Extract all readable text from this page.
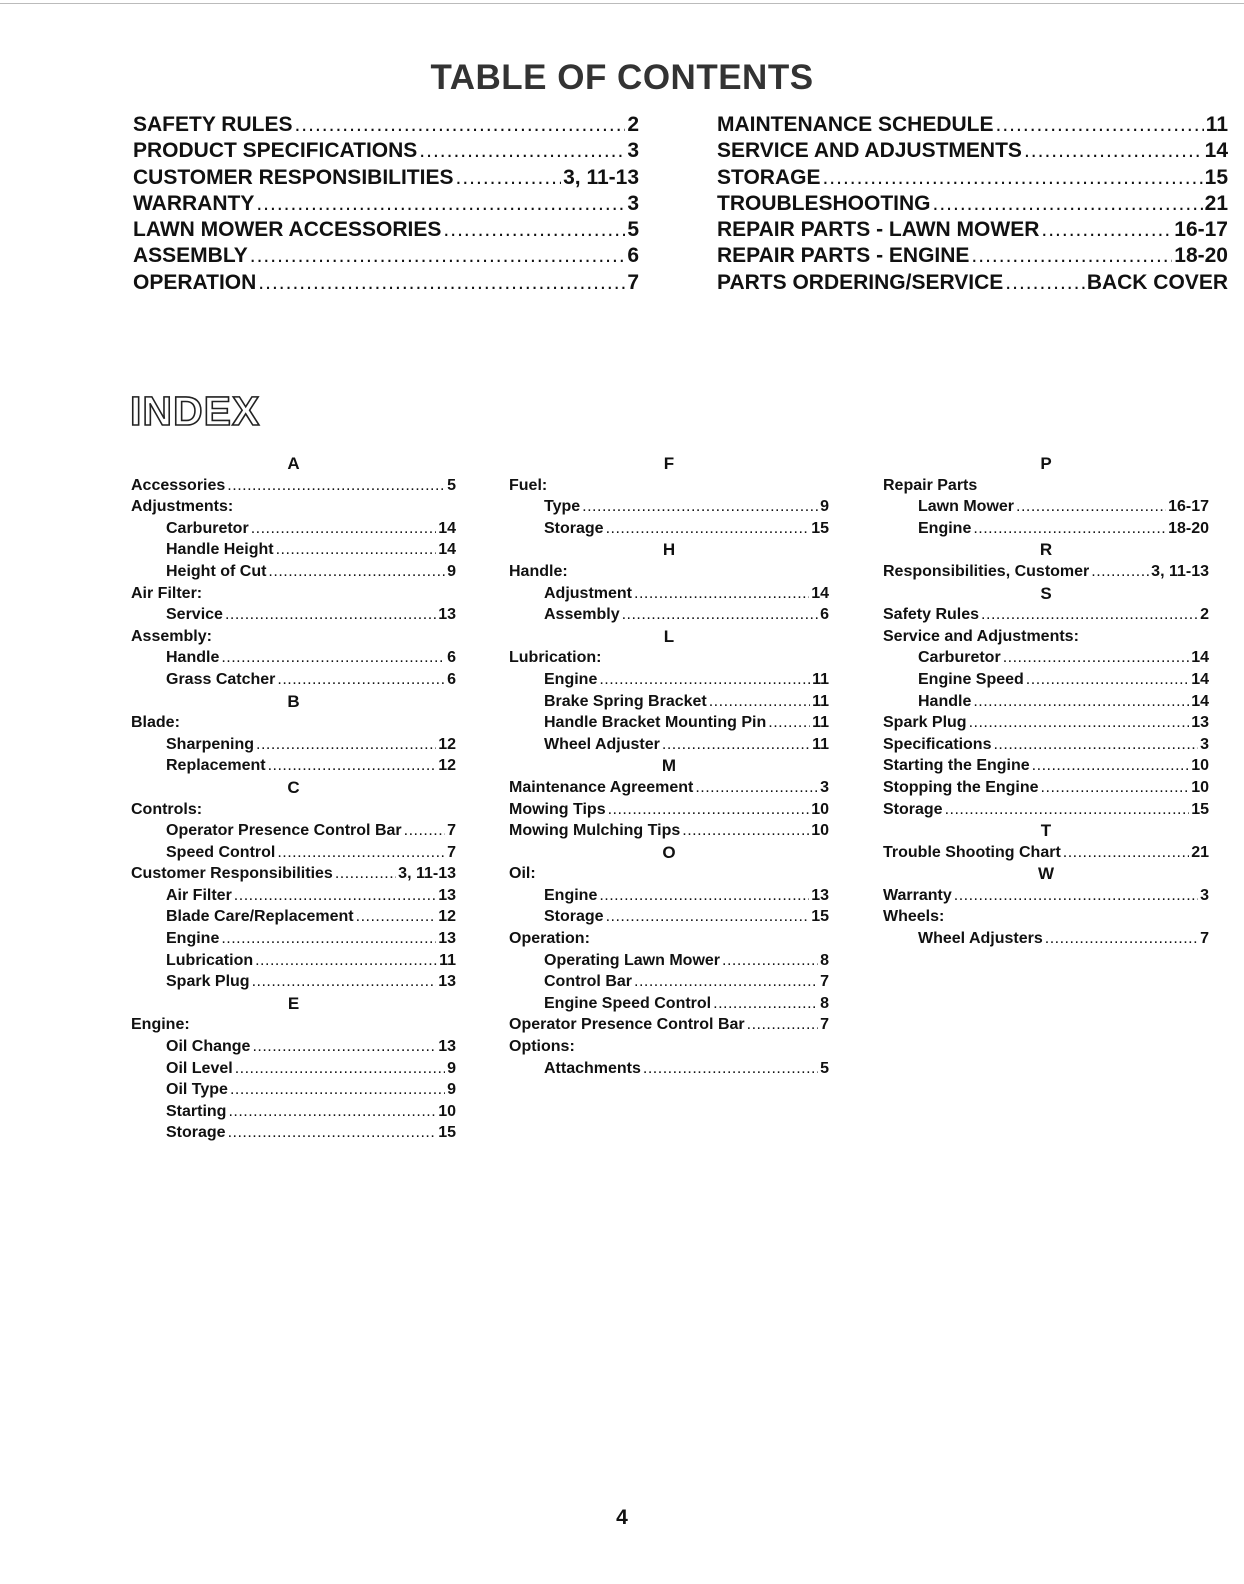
TABLE OF CONTENTS
SAFETY RULES .....	2
PRODUCT SPECIFICATIONS .....	3
CUSTOMER RESPONSIBILITIES .....	3, 11-13
WARRANTY .....	3
LAWN MOWER ACCESSORIES .....	5
ASSEMBLY .....	6
OPERATION .....	7
MAINTENANCE SCHEDULE .....	11
SERVICE AND ADJUSTMENTS .....	14
STORAGE .....	15
TROUBLESHOOTING .....	21
REPAIR PARTS - LAWN MOWER .....	16-17
REPAIR PARTS - ENGINE .....	18-20
PARTS ORDERING/SERVICE .....	BACK COVER
INDEX
A
Accessories .....	5
Adjustments:
Carburetor .....	14
Handle Height .....	14
Height of Cut .....	9
Air Filter:
Service .....	13
Assembly:
Handle .....	6
Grass Catcher .....	6
B
Blade:
Sharpening .....	12
Replacement .....	12
C
Controls:
Operator Presence Control Bar .....	7
Speed Control .....	7
Customer Responsibilities .....	3, 11-13
Air Filter .....	13
Blade Care/Replacement .....	12
Engine .....	13
Lubrication .....	11
Spark Plug .....	13
E
Engine:
Oil Change .....	13
Oil Level .....	9
Oil Type .....	9
Starting .....	10
Storage .....	15
F
Fuel:
Type .....	9
Storage .....	15
H
Handle:
Adjustment .....	14
Assembly .....	6
L
Lubrication:
Engine .....	11
Brake Spring Bracket .....	11
Handle Bracket Mounting Pin .....	11
Wheel Adjuster .....	11
M
Maintenance Agreement .....	3
Mowing Tips .....	10
Mowing Mulching Tips .....	10
O
Oil:
Engine .....	13
Storage .....	15
Operation:
Operating Lawn Mower .....	8
Control Bar .....	7
Engine Speed Control .....	8
Operator Presence Control Bar .....	7
Options:
Attachments .....	5
P
Repair Parts
Lawn Mower .....	16-17
Engine .....	18-20
R
Responsibilities, Customer .....	3, 11-13
S
Safety Rules .....	2
Service and Adjustments:
Carburetor .....	14
Engine Speed .....	14
Handle .....	14
Spark Plug .....	13
Specifications .....	3
Starting the Engine .....	10
Stopping the Engine .....	10
Storage .....	15
T
Trouble Shooting Chart .....	21
W
Warranty .....	3
Wheels:
Wheel Adjusters .....	7
4
